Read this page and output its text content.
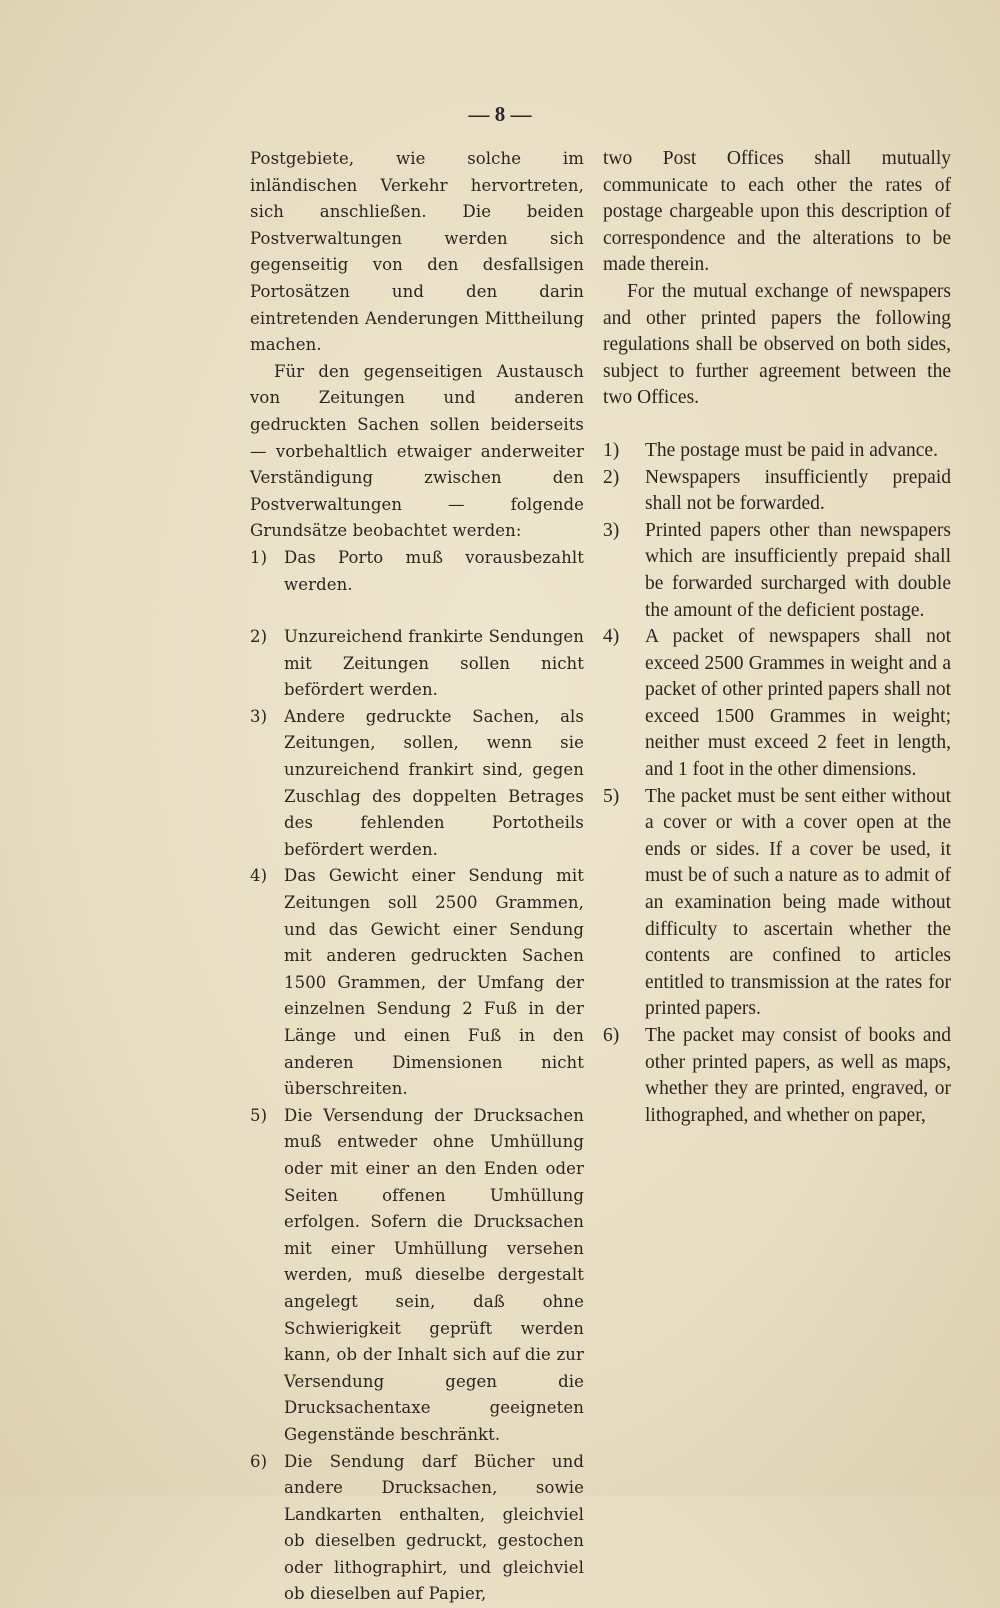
— 8 —

Postgebiete, wie solche im inländischen Verkehr hervortreten, sich anschließen. Die beiden Postverwaltungen werden sich gegenseitig von den desfallsigen Portosätzen und den darin eintretenden Aenderungen Mittheilung machen.

Für den gegenseitigen Austausch von Zeitungen und anderen gedruckten Sachen sollen beiderseits — vorbehaltlich etwaiger anderweiter Verständigung zwischen den Postverwaltungen — folgende Grundsätze beobachtet werden:

1)	Das Porto muß vorausbezahlt werden.
2)	Unzureichend frankirte Sendungen mit Zeitungen sollen nicht befördert werden.
3)	Andere gedruckte Sachen, als Zeitungen, sollen, wenn sie unzureichend frankirt sind, gegen Zuschlag des doppelten Betrages des fehlenden Portotheils befördert werden.
4)	Das Gewicht einer Sendung mit Zeitungen soll 2500 Grammen, und das Gewicht einer Sendung mit anderen gedruckten Sachen 1500 Grammen, der Umfang der einzelnen Sendung 2 Fuß in der Länge und einen Fuß in den anderen Dimensionen nicht überschreiten.
5)	Die Versendung der Drucksachen muß entweder ohne Umhüllung oder mit einer an den Enden oder Seiten offenen Umhüllung erfolgen. Sofern die Drucksachen mit einer Umhüllung versehen werden, muß dieselbe dergestalt angelegt sein, daß ohne Schwierigkeit geprüft werden kann, ob der Inhalt sich auf die zur Versendung gegen die Drucksachentaxe geeigneten Gegenstände beschränkt.
6)	Die Sendung darf Bücher und andere Drucksachen, sowie Landkarten enthalten, gleichviel ob dieselben gedruckt, gestochen oder lithographirt, und gleichviel ob dieselben auf Papier,

two Post Offices shall mutually communicate to each other the rates of postage chargeable upon this description of correspondence and the alterations to be made therein.

For the mutual exchange of newspapers and other printed papers the following regulations shall be observed on both sides, subject to further agreement between the two Offices.

1)	The postage must be paid in advance.
2)	Newspapers insufficiently prepaid shall not be forwarded.
3)	Printed papers other than newspapers which are insufficiently prepaid shall be forwarded surcharged with double the amount of the deficient postage.
4)	A packet of newspapers shall not exceed 2500 Grammes in weight and a packet of other printed papers shall not exceed 1500 Grammes in weight; neither must exceed 2 feet in length, and 1 foot in the other dimensions.
5)	The packet must be sent either without a cover or with a cover open at the ends or sides. If a cover be used, it must be of such a nature as to admit of an examination being made without difficulty to ascertain whether the contents are confined to articles entitled to transmission at the rates for printed papers.
6)	The packet may consist of books and other printed papers, as well as maps, whether they are printed, engraved, or lithographed, and whether on paper,
